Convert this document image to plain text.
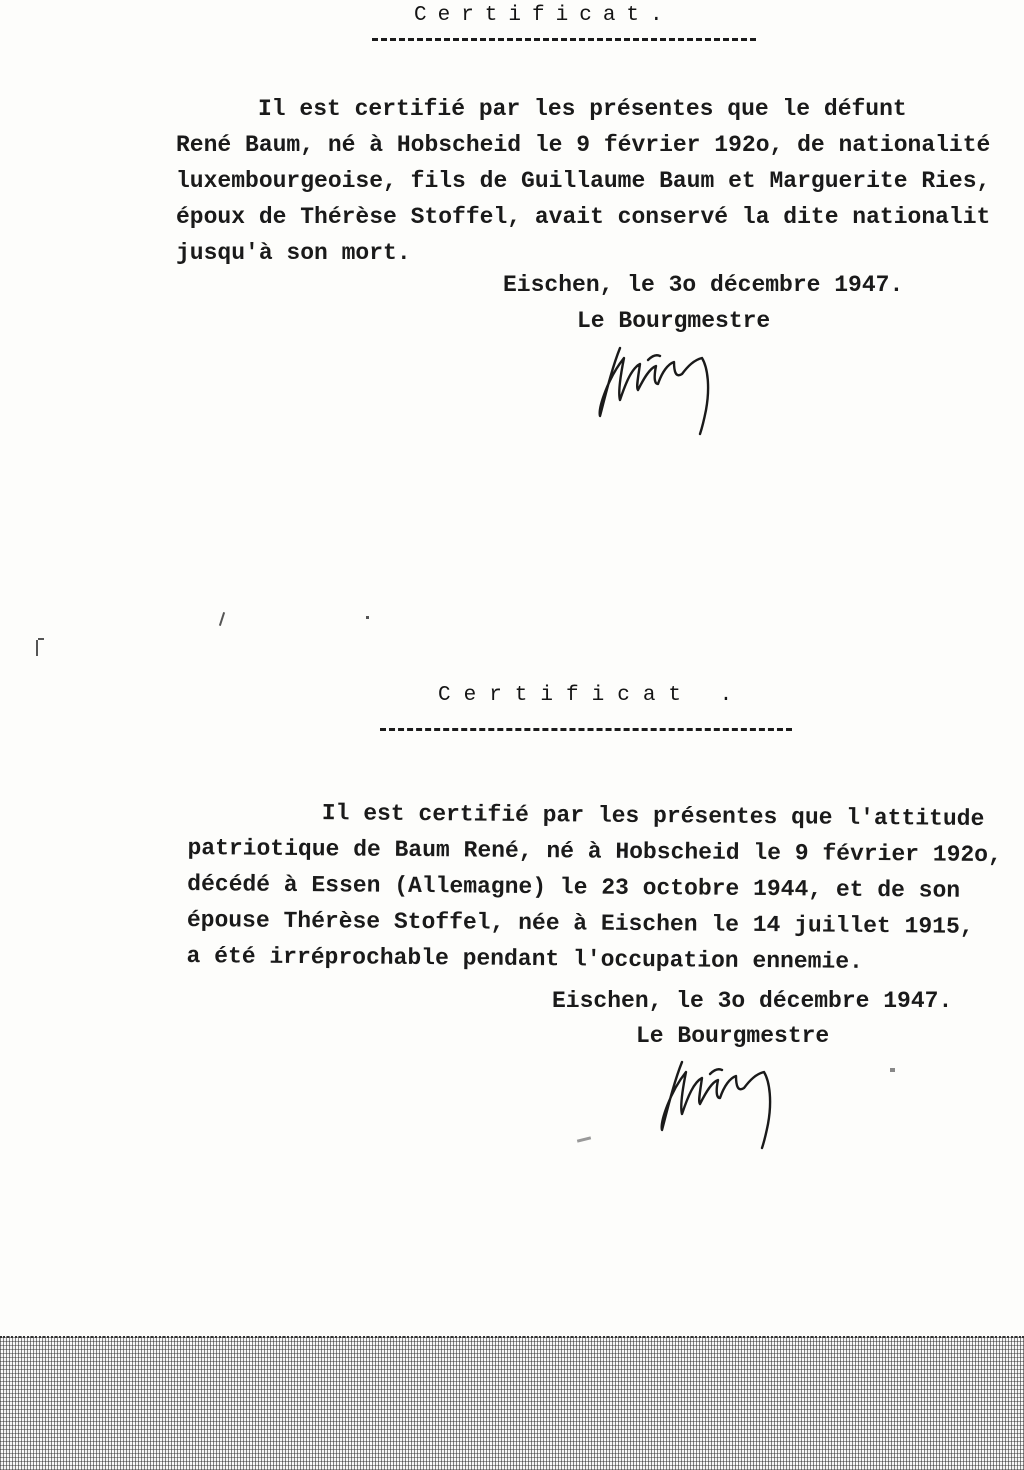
Certificat.
Il est certifié par les présentes que le défunt
René Baum, né à Hobscheid le 9 février 192o, de nationalité
luxembourgeoise, fils de Guillaume Baum et Marguerite Ries,
époux de Thérèse Stoffel, avait conservé la dite nationalit
jusqu'à son mort.
Eischen, le 3o décembre 1947.
Le Bourgmestre
Certificat .
Il est certifié par les présentes que l'attitude
patriotique de Baum René, né à Hobscheid le 9 février 192o,
décédé à Essen (Allemagne) le 23 octobre 1944, et de son
épouse Thérèse Stoffel, née à Eischen le 14 juillet 1915,
a été irréprochable pendant l'occupation ennemie.
Eischen, le 3o décembre 1947.
Le Bourgmestre
